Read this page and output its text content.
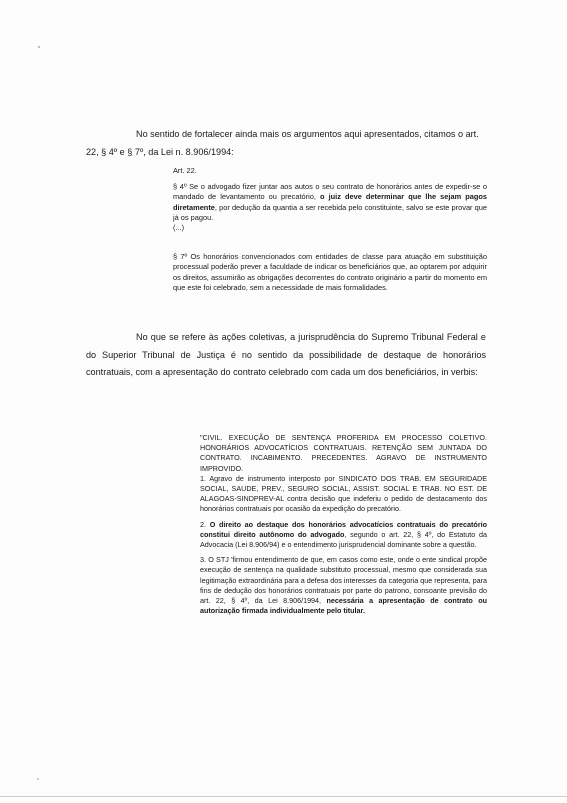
No sentido de fortalecer ainda mais os argumentos aqui apresentados, citamos o art.

22, § 4º e § 7º, da Lei n. 8.906/1994:

Art. 22.

§ 4º Se o advogado fizer juntar aos autos o seu contrato de honorários antes de expedir-se o mandado de levantamento ou precatório, o juiz deve determinar que lhe sejam pagos diretamente, por dedução da quantia a ser recebida pelo constituinte, salvo se este provar que já os pagou.

(...)

§ 7º Os honorários convencionados com entidades de classe para atuação em substituição processual poderão prever a faculdade de indicar os beneficiários que, ao optarem por adquirir os direitos, assumirão as obrigações decorrentes do contrato originário a partir do momento em que este foi celebrado, sem a necessidade de mais formalidades.

No que se refere às ações coletivas, a jurisprudência do Supremo Tribunal Federal e do Superior Tribunal de Justiça é no sentido da possibilidade de destaque de honorários contratuais, com a apresentação do contrato celebrado com cada um dos beneficiários, in verbis:

"CIVIL. EXECUÇÃO DE SENTENÇA PROFERIDA EM PROCESSO COLETIVO. HONORÁRIOS ADVOCATÍCIOS CONTRATUAIS. RETENÇÃO SEM JUNTADA DO CONTRATO. INCABIMENTO. PRECEDENTES. AGRAVO DE INSTRUMENTO IMPROVIDO.

1. Agravo de instrumento interposto por SINDICATO DOS TRAB. EM SEGURIDADE SOCIAL, SAUDE, PREV., SEGURO SOCIAL, ASSIST. SOCIAL E TRAB. NO EST. DE ALAGOAS-SINDPREV-AL contra decisão que indeferiu o pedido de destacamento dos honorários contratuais por ocasião da expedição do precatório.

2. O direito ao destaque dos honorários advocatícios contratuais do precatório constitui direito autônomo do advogado, segundo o art. 22, § 4º, do Estatuto da Advocacia (Lei 8.906/94) e o entendimento jurisprudencial dominante sobre a questão.

3. O STJ 'firmou entendimento de que, em casos como este, onde o ente sindical propõe execução de sentença na qualidade substituto processual, mesmo que considerada sua legitimação extraordinária para a defesa dos interesses da categoria que representa, para fins de dedução dos honorários contratuais por parte do patrono, consoante previsão do art. 22, § 4º, da Lei 8.906/1994, necessária a apresentação de contrato ou autorização firmada individualmente pelo titular.
